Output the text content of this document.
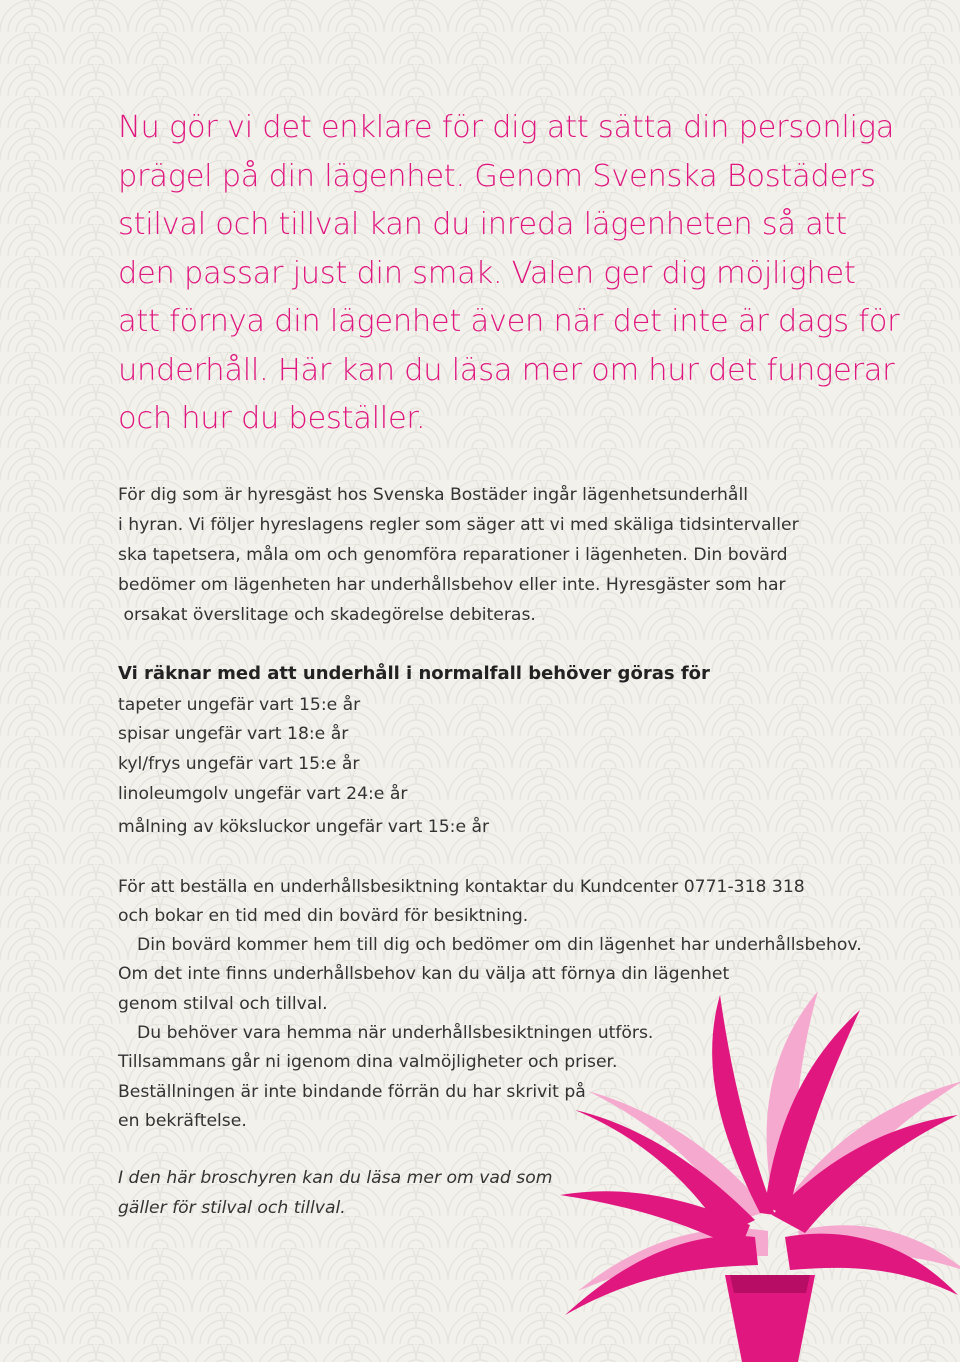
Nu gör vi det enklare för dig att sätta din personliga
prägel på din lägenhet. Genom Svenska Bostäders
stilval och tillval kan du inreda lägenheten så att
den passar just din smak. Valen ger dig möjlighet
att förnya din lägenhet även när det inte är dags för
underhåll. Här kan du läsa mer om hur det fungerar
och hur du beställer.

För dig som är hyresgäst hos Svenska Bostäder ingår lägenhetsunderhåll
i hyran. Vi följer hyreslagens regler som säger att vi med skäliga tidsintervaller
ska tapetsera, måla om och genomföra reparationer i lägenheten. Din bovärd
bedömer om lägenheten har underhållsbehov eller inte. Hyresgäster som har
orsakat överslitage och skadegörelse debiteras.
Vi räknar med att underhåll i normalfall behöver göras för
tapeter ungefär vart 15:e år
spisar ungefär vart 18:e år
kyl/frys ungefär vart 15:e år
linoleumgolv ungefär vart 24:e år
målning av köksluckor ungefär vart 15:e år
För att beställa en underhållsbesiktning kontaktar du Kundcenter 0771-318 318
och bokar en tid med din bovärd för besiktning.
Din bovärd kommer hem till dig och bedömer om din lägenhet har underhållsbehov.
Om det inte finns underhållsbehov kan du välja att förnya din lägenhet
genom stilval och tillval.
Du behöver vara hemma när underhållsbesiktningen utförs.
Tillsammans går ni igenom dina valmöjligheter och priser.
Beställningen är inte bindande förrän du har skrivit på
en bekräftelse.
I den här broschyren kan du läsa mer om vad som
gäller för stilval och tillval.
